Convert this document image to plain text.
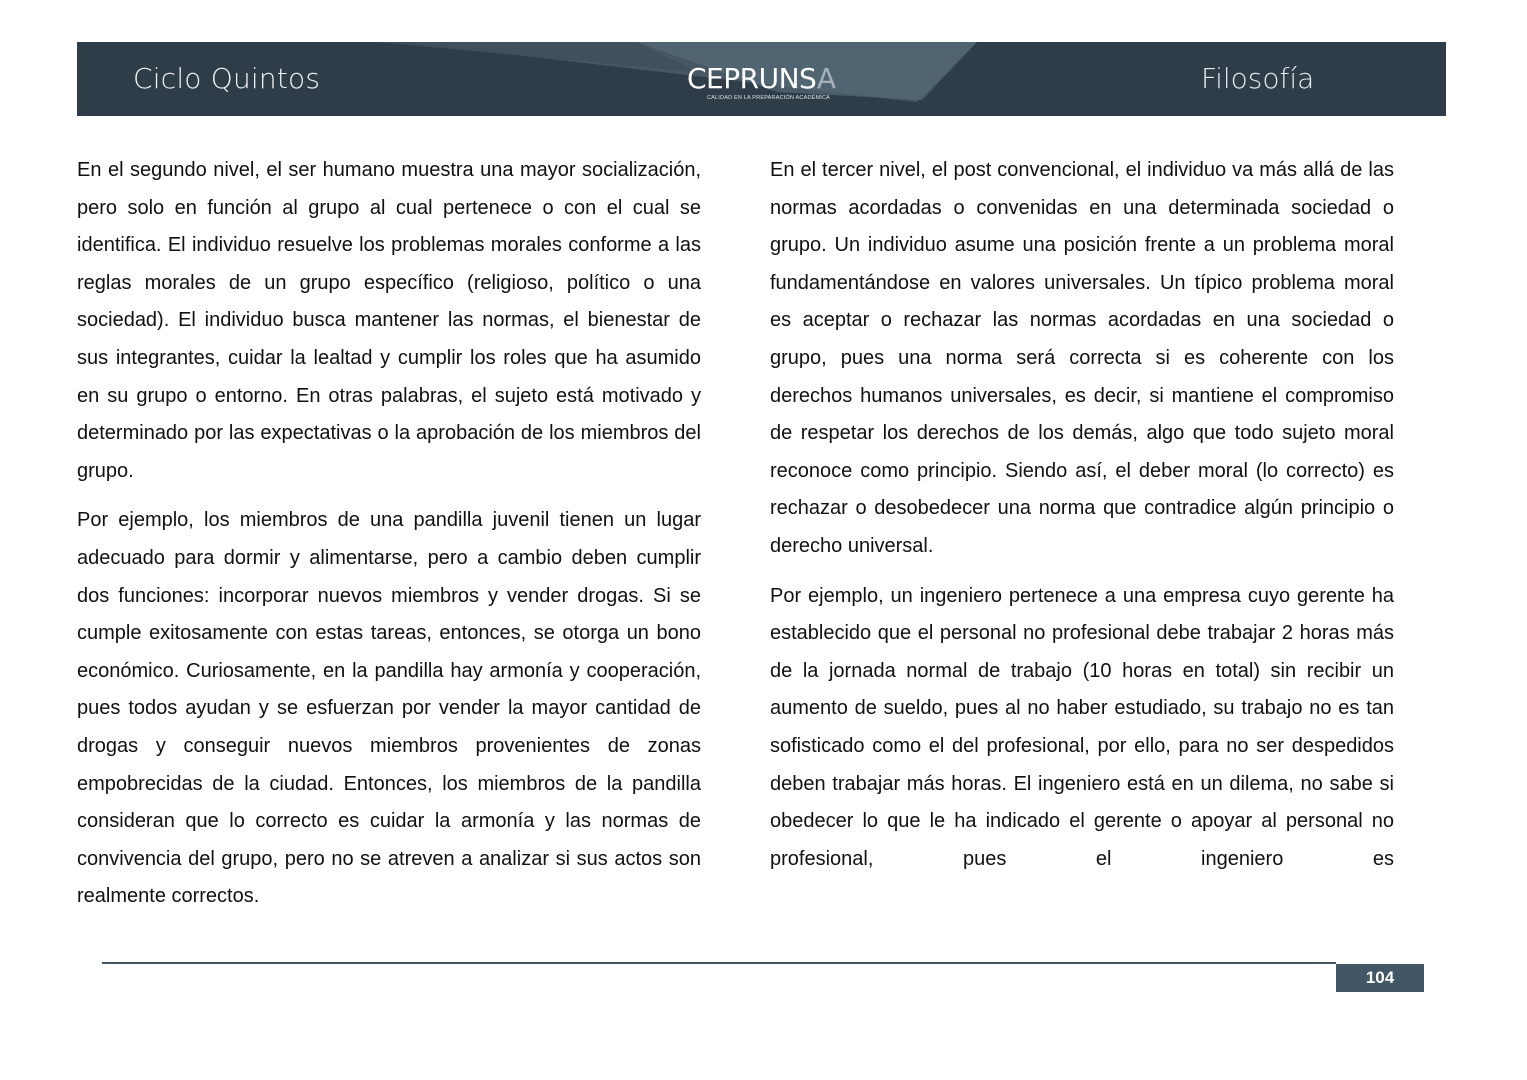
Ciclo Quintos	CEPRUNSA
CALIDAD EN LA PREPARACIÓN ACADÉMICA
Filosofía

En el segundo nivel, el ser humano muestra una mayor socialización, pero solo en función al grupo al cual pertenece o con el cual se identifica. El individuo resuelve los problemas morales conforme a las reglas morales de un grupo específico (religioso, político o una sociedad). El individuo busca mantener las normas, el bienestar de sus integrantes, cuidar la lealtad y cumplir los roles que ha asumido en su grupo o entorno. En otras palabras, el sujeto está motivado y determinado por las expectativas o la aprobación de los miembros del grupo.

Por ejemplo, los miembros de una pandilla juvenil tienen un lugar adecuado para dormir y alimentarse, pero a cambio deben cumplir dos funciones: incorporar nuevos miembros y vender drogas. Si se cumple exitosamente con estas tareas, entonces, se otorga un bono económico. Curiosamente, en la pandilla hay armonía y cooperación, pues todos ayudan y se esfuerzan por vender la mayor cantidad de drogas y conseguir nuevos miembros provenientes de zonas empobrecidas de la ciudad. Entonces, los miembros de la pandilla consideran que lo correcto es cuidar la armonía y las normas de convivencia del grupo, pero no se atreven a analizar si sus actos son realmente correctos.

En el tercer nivel, el post convencional, el individuo va más allá de las normas acordadas o convenidas en una determinada sociedad o grupo. Un individuo asume una posición frente a un problema moral fundamentándose en valores universales. Un típico problema moral es aceptar o rechazar las normas acordadas en una sociedad o grupo, pues una norma será correcta si es coherente con los derechos humanos universales, es decir, si mantiene el compromiso de respetar los derechos de los demás, algo que todo sujeto moral reconoce como principio. Siendo así, el deber moral (lo correcto) es rechazar o desobedecer una norma que contradice algún principio o derecho universal.

Por ejemplo, un ingeniero pertenece a una empresa cuyo gerente ha establecido que el personal no profesional debe trabajar 2 horas más de la jornada normal de trabajo (10 horas en total) sin recibir un aumento de sueldo, pues al no haber estudiado, su trabajo no es tan sofisticado como el del profesional, por ello, para no ser despedidos deben trabajar más horas. El ingeniero está en un dilema, no sabe si obedecer lo que le ha indicado el gerente o apoyar al personal no profesional, pues el ingeniero es

104
